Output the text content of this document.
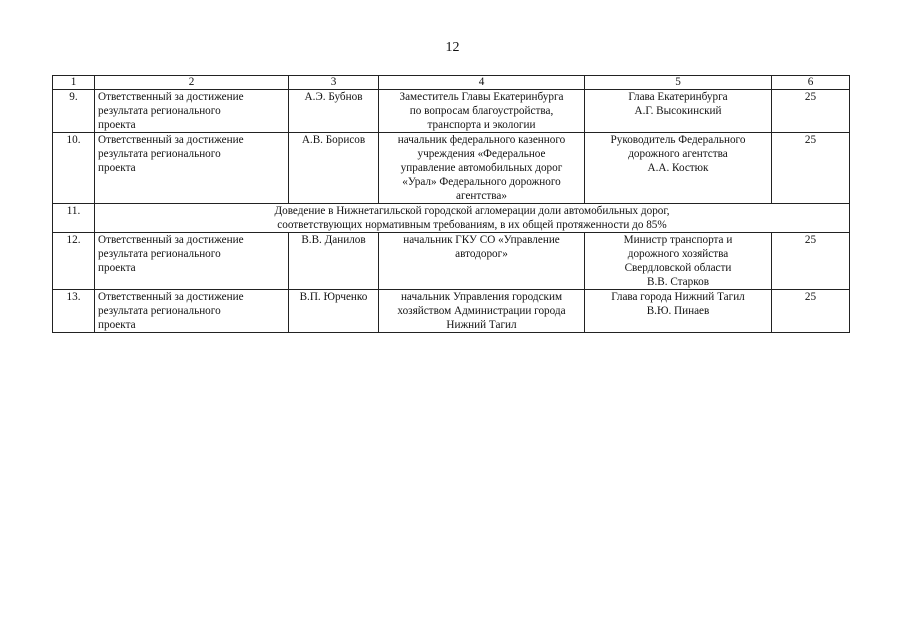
12
1	2	3	4	5	6
9.	Ответственный за достижение
результата регионального
проекта	А.Э. Бубнов	Заместитель Главы Екатеринбурга
по вопросам благоустройства,
транспорта и экологии	Глава Екатеринбурга
А.Г. Высокинский	25
10.	Ответственный за достижение
результата регионального
проекта	А.В. Борисов	начальник федерального казенного
учреждения «Федеральное
управление автомобильных дорог
«Урал» Федерального дорожного
агентства»	Руководитель Федерального
дорожного агентства
А.А. Костюк	25
11.	Доведение в Нижнетагильской городской агломерации доли автомобильных дорог,
соответствующих нормативным требованиям, в их общей протяженности до 85%				

12.	Ответственный за достижение
результата регионального
проекта	В.В. Данилов	начальник ГКУ СО «Управление
автодорог»	Министр транспорта и
дорожного хозяйства
Свердловской области
В.В. Старков	25
13.	Ответственный за достижение
результата регионального
проекта	В.П. Юрченко	начальник Управления городским
хозяйством Администрации города
Нижний Тагил	Глава города Нижний Тагил
В.Ю. Пинаев	25
